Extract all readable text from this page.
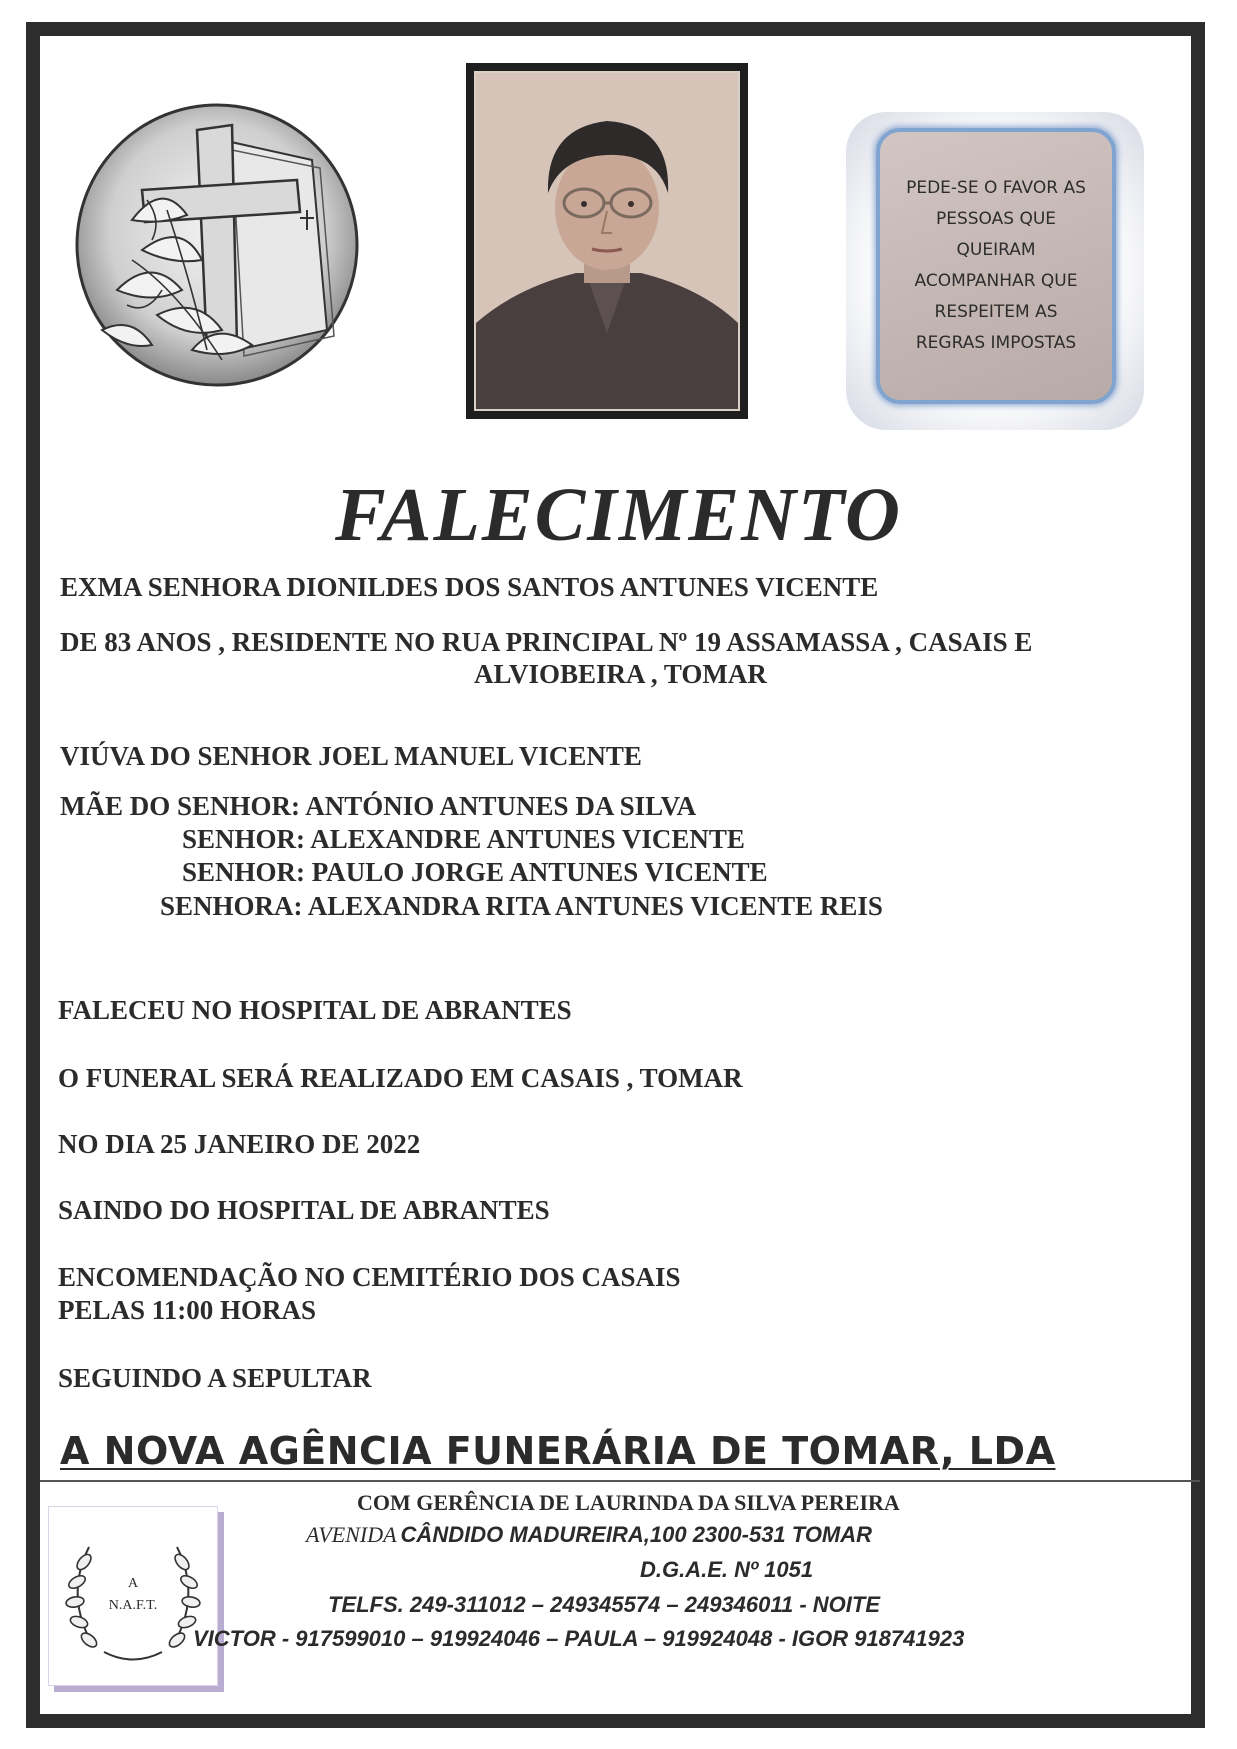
PEDE-SE O FAVOR AS
PESSOAS QUE
QUEIRAM
ACOMPANHAR QUE
RESPEITEM AS
REGRAS IMPOSTAS
FALECIMENTO
EXMA SENHORA DIONILDES DOS SANTOS ANTUNES VICENTE
DE 83 ANOS , RESIDENTE NO RUA PRINCIPAL Nº 19 ASSAMASSA , CASAIS E
ALVIOBEIRA , TOMAR
VIÚVA DO SENHOR JOEL MANUEL VICENTE
MÃE DO SENHOR: ANTÓNIO ANTUNES DA SILVA
SENHOR: ALEXANDRE ANTUNES VICENTE
SENHOR: PAULO JORGE ANTUNES VICENTE
SENHORA: ALEXANDRA RITA ANTUNES VICENTE REIS
FALECEU NO HOSPITAL DE ABRANTES
O FUNERAL SERÁ REALIZADO EM CASAIS , TOMAR
NO DIA 25 JANEIRO DE 2022
SAINDO DO HOSPITAL DE ABRANTES
ENCOMENDAÇÃO NO CEMITÉRIO DOS CASAIS
PELAS 11:00 HORAS
SEGUINDO A SEPULTAR
A NOVA AGÊNCIA FUNERÁRIA DE TOMAR, LDA
A
N.A.F.T.
COM GERÊNCIA DE LAURINDA DA SILVA PEREIRA
AVENIDA CÂNDIDO MADUREIRA,100 2300-531 TOMAR
D.G.A.E. Nº 1051
TELFS. 249-311012 – 249345574 – 249346011 - NOITE
VICTOR - 917599010 – 919924046 – PAULA – 919924048 - IGOR 918741923
